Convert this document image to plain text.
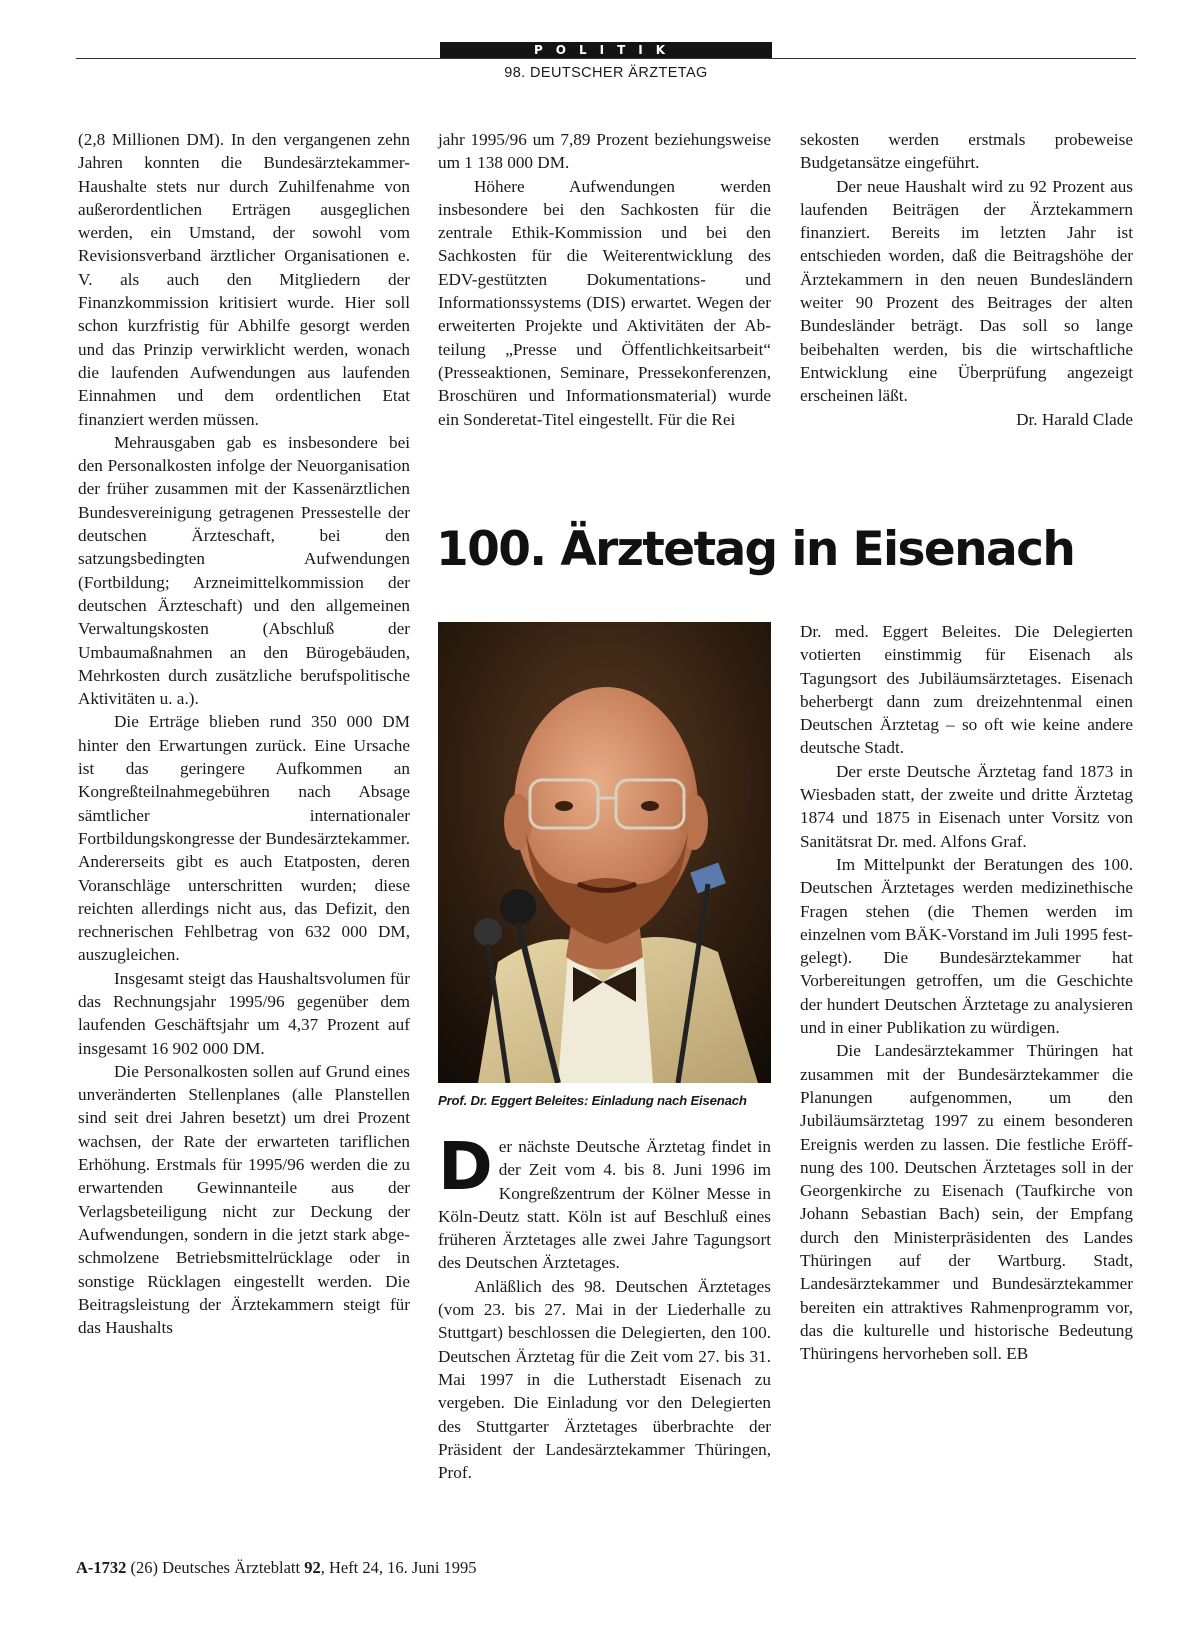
POLITIK
98. DEUTSCHER ÄRZTETAG

(2,8 Millionen DM). In den vergangenen zehn Jahren konnten die Bundesärztekammer-Haushalte stets nur durch Zuhilfenahme von außerordentlichen Erträgen ausgeglichen werden, ein Umstand, der sowohl vom Revisionsverband ärztlicher Organisationen e. V. als auch den Mitgliedern der Finanzkommission kritisiert wurde. Hier soll schon kurzfristig für Abhilfe gesorgt werden und das Prinzip verwirklicht werden, wonach die laufenden Aufwendungen aus laufenden Einnahmen und dem ordentlichen Etat finanziert werden müssen.

Mehrausgaben gab es insbesondere bei den Personalkosten infolge der Neuorganisation der früher zusammen mit der Kassenärztlichen Bundesvereinigung getragenen Pressestelle der deutschen Ärzteschaft, bei den satzungsbedingten Aufwendungen (Fortbildung; Arzneimittelkommission der deutschen Ärzteschaft) und den allgemeinen Verwaltungskosten (Abschluß der Umbaumaßnahmen an den Bürogebäuden, Mehrkosten durch zusätzliche berufspolitische Aktivitäten u. a.).

Die Erträge blieben rund 350 000 DM hinter den Erwartungen zurück. Eine Ursache ist das geringere Aufkommen an Kongreßteilnahmegebühren nach Absage sämtlicher internationaler Fortbildungskongresse der Bundesärztekammer. Andererseits gibt es auch Etatposten, deren Voranschläge unterschritten wurden; diese reichten allerdings nicht aus, das Defizit, den rechnerischen Fehlbetrag von 632 000 DM, auszugleichen.

Insgesamt steigt das Haushaltsvolumen für das Rechnungsjahr 1995/96 gegenüber dem laufenden Geschäftsjahr um 4,37 Prozent auf insgesamt 16 902 000 DM.

Die Personalkosten sollen auf Grund eines unveränderten Stellenplanes (alle Planstellen sind seit drei Jahren besetzt) um drei Prozent wachsen, der Rate der erwarteten tariflichen Erhöhung. Erstmals für 1995/96 werden die zu erwartenden Gewinnanteile aus der Verlagsbeteiligung nicht zur Deckung der Aufwendungen, sondern in die jetzt stark abgeschmolzene Betriebsmittelrücklage oder in sonstige Rücklagen eingestellt werden. Die Beitragsleistung der Ärztekammern steigt für das Haushalts

jahr 1995/96 um 7,89 Prozent beziehungsweise um 1 138 000 DM.

Höhere Aufwendungen werden insbesondere bei den Sachkosten für die zentrale Ethik-Kommission und bei den Sachkosten für die Weiterentwicklung des EDV-gestützten Dokumentations- und Informationssystems (DIS) erwartet. Wegen der erweiterten Projekte und Aktivitäten der Abteilung „Presse und Öffentlichkeitsarbeit“ (Presseaktionen, Seminare, Pressekonferenzen, Broschüren und Informationsmaterial) wurde ein Sonderetat-Titel eingestellt. Für die Rei

sekosten werden erstmals probeweise Budgetansätze eingeführt.

Der neue Haushalt wird zu 92 Prozent aus laufenden Beiträgen der Ärztekammern finanziert. Bereits im letzten Jahr ist entschieden worden, daß die Beitragshöhe der Ärztekammern in den neuen Bundesländern weiter 90 Prozent des Beitrages der alten Bundesländer beträgt. Das soll so lange beibehalten werden, bis die wirtschaftliche Entwicklung eine Überprüfung angezeigt erscheinen läßt.

Dr. Harald Clade

100. Ärztetag in Eisenach
Prof. Dr. Eggert Beleites: Einladung nach Eisenach

Der nächste Deutsche Ärztetag findet in der Zeit vom 4. bis 8. Juni 1996 im Kongreßzentrum der Kölner Messe in Köln-Deutz statt. Köln ist auf Beschluß eines früheren Ärztetages alle zwei Jahre Tagungsort des Deutschen Ärztetages.

Anläßlich des 98. Deutschen Ärztetages (vom 23. bis 27. Mai in der Liederhalle zu Stuttgart) beschlossen die Delegierten, den 100. Deutschen Ärztetag für die Zeit vom 27. bis 31. Mai 1997 in die Lutherstadt Eisenach zu vergeben. Die Einladung vor den Delegierten des Stuttgarter Ärztetages überbrachte der Präsident der Landesärztekammer Thüringen, Prof.

Dr. med. Eggert Beleites. Die Delegierten votierten einstimmig für Eisenach als Tagungsort des Jubiläumsärztetages. Eisenach beherbergt dann zum dreizehntenmal einen Deutschen Ärztetag – so oft wie keine andere deutsche Stadt.

Der erste Deutsche Ärztetag fand 1873 in Wiesbaden statt, der zweite und dritte Ärztetag 1874 und 1875 in Eisenach unter Vorsitz von Sanitätsrat Dr. med. Alfons Graf.

Im Mittelpunkt der Beratungen des 100. Deutschen Ärztetages werden medizinethische Fragen stehen (die Themen werden im einzelnen vom BÄK-Vorstand im Juli 1995 festgelegt). Die Bundesärztekammer hat Vorbereitungen getroffen, um die Geschichte der hundert Deutschen Ärztetage zu analysieren und in einer Publikation zu würdigen.

Die Landesärztekammer Thüringen hat zusammen mit der Bundesärztekammer die Planungen aufgenommen, um den Jubiläumsärztetag 1997 zu einem besonderen Ereignis werden zu lassen. Die festliche Eröffnung des 100. Deutschen Ärztetages soll in der Georgenkirche zu Eisenach (Taufkirche von Johann Sebastian Bach) sein, der Empfang durch den Ministerpräsidenten des Landes Thüringen auf der Wartburg. Stadt, Landesärztekammer und Bundesärztekammer bereiten ein attraktives Rahmenprogramm vor, das die kulturelle und historische Bedeutung Thüringens hervorheben soll. EB

A-1732 (26) Deutsches Ärzteblatt 92, Heft 24, 16. Juni 1995
